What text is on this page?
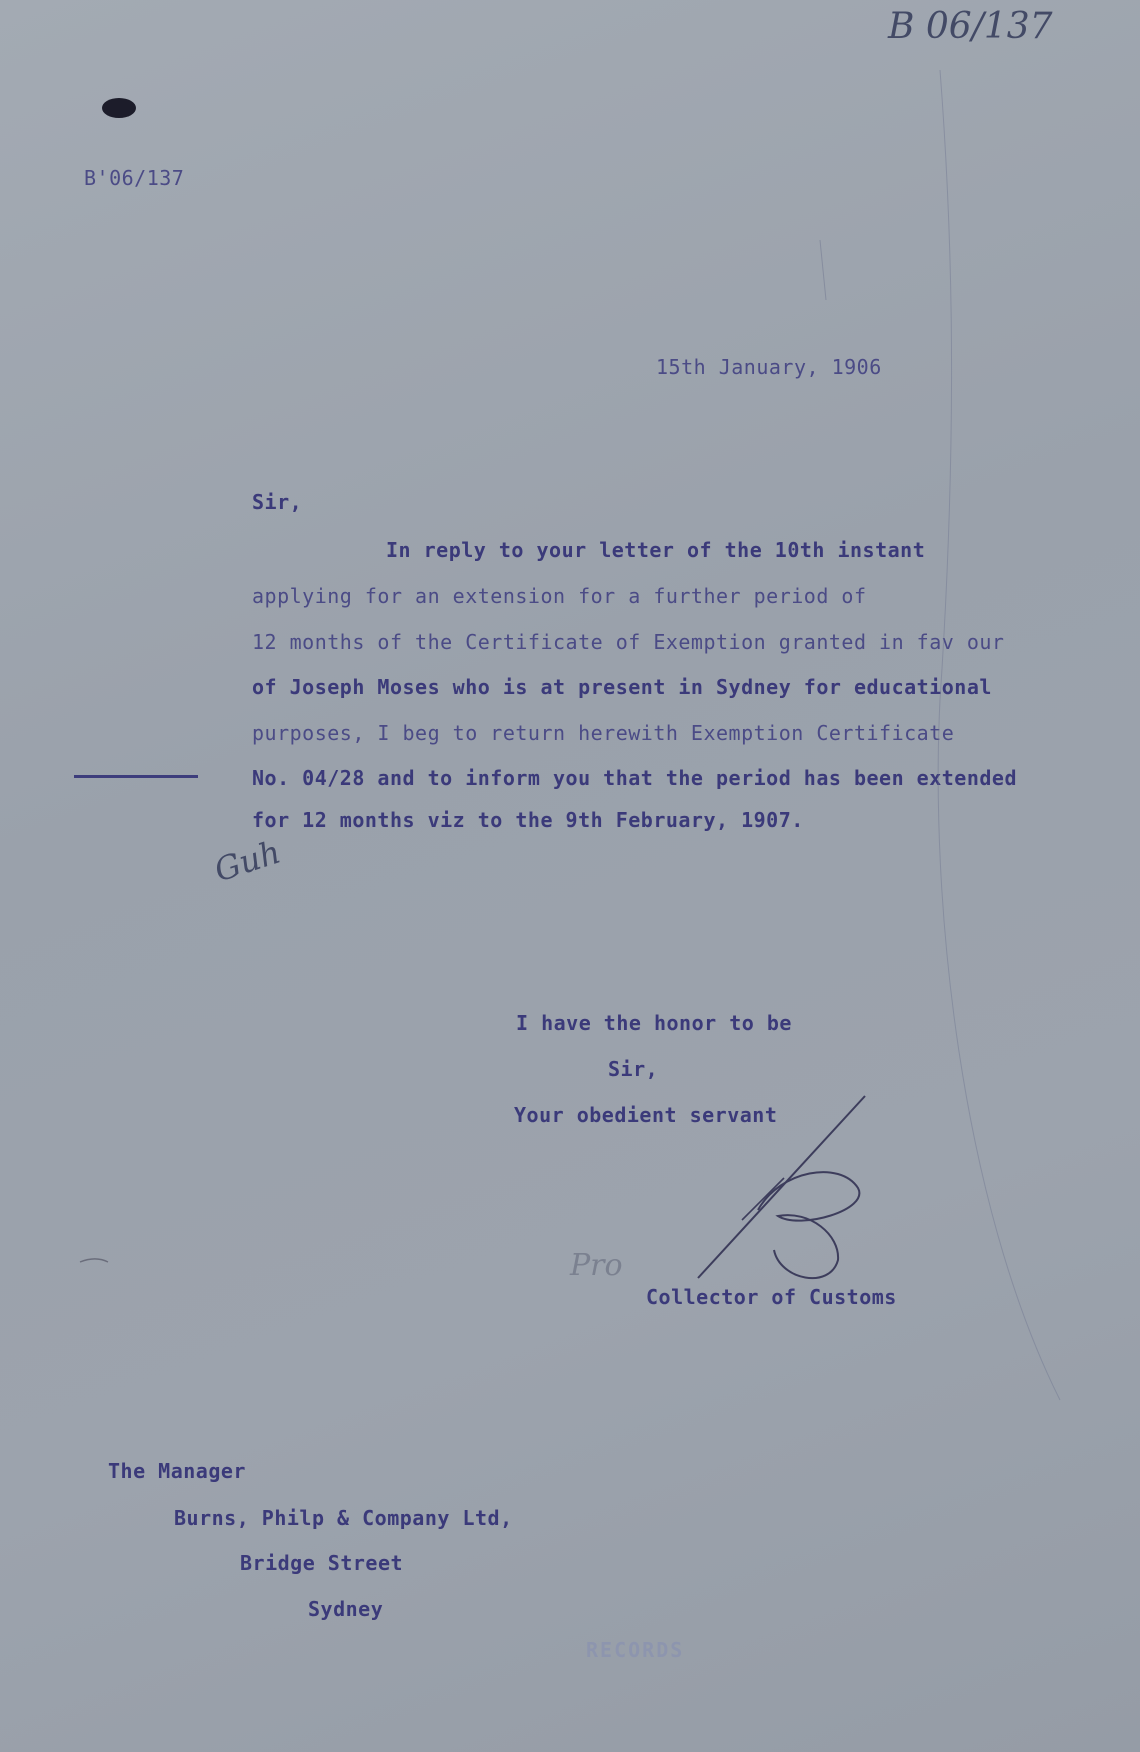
B 06/137
B'06/137
15th January, 1906
Sir,
In reply to your letter of the 10th instant
applying for an extension for a further period of
12 months of the Certificate of Exemption granted in fav our
of Joseph Moses who is at present in Sydney for educational
purposes, I beg to return herewith Exemption Certificate
No. 04/28 and to inform you that the period has been extended
for 12 months viz to the 9th February, 1907.
Guh
I have the honor to be
Sir,
Your obedient servant
Pro
Collector of Customs
The Manager
Burns, Philp & Company Ltd,
Bridge Street
Sydney
RECORDS
